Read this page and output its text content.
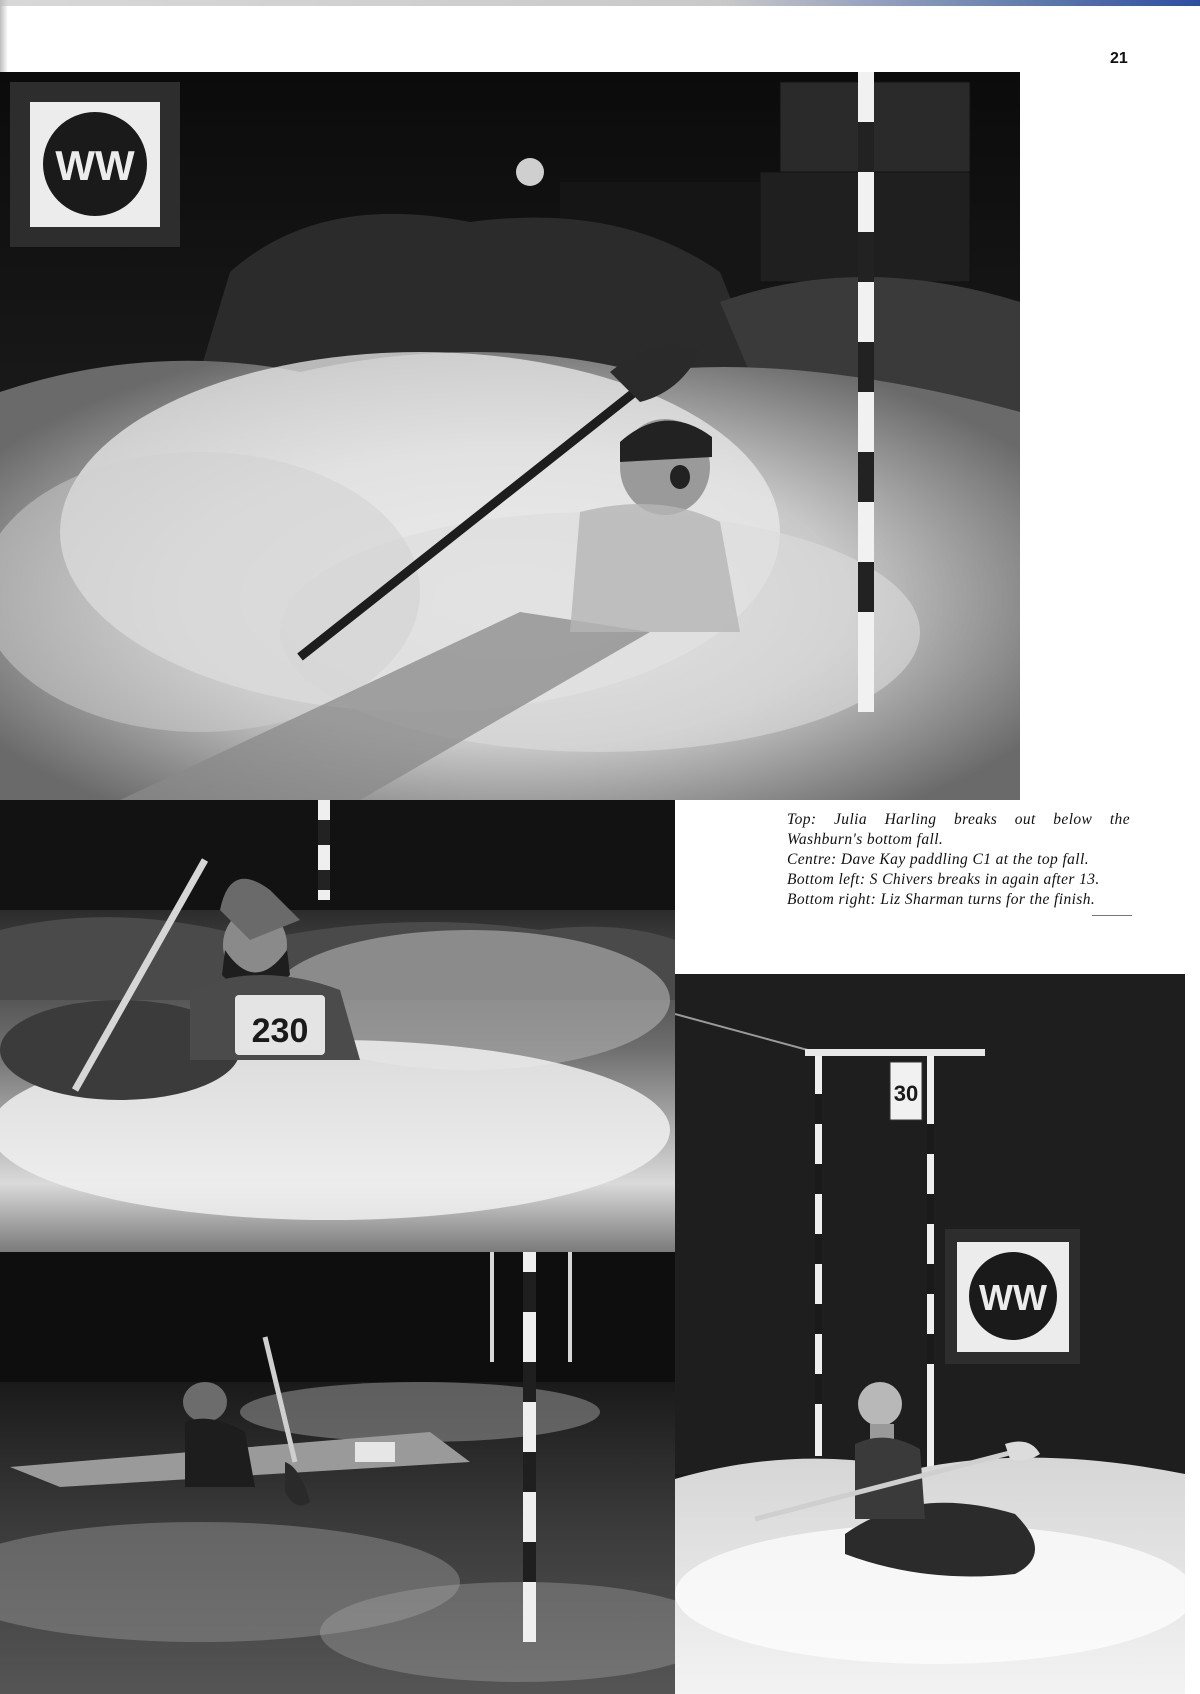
21
WW
230
30
WW

Top: Julia Harling breaks out below the Washburn's bottom fall.

Centre: Dave Kay paddling C1 at the top fall.

Bottom left: S Chivers breaks in again after 13.

Bottom right: Liz Sharman turns for the finish.
